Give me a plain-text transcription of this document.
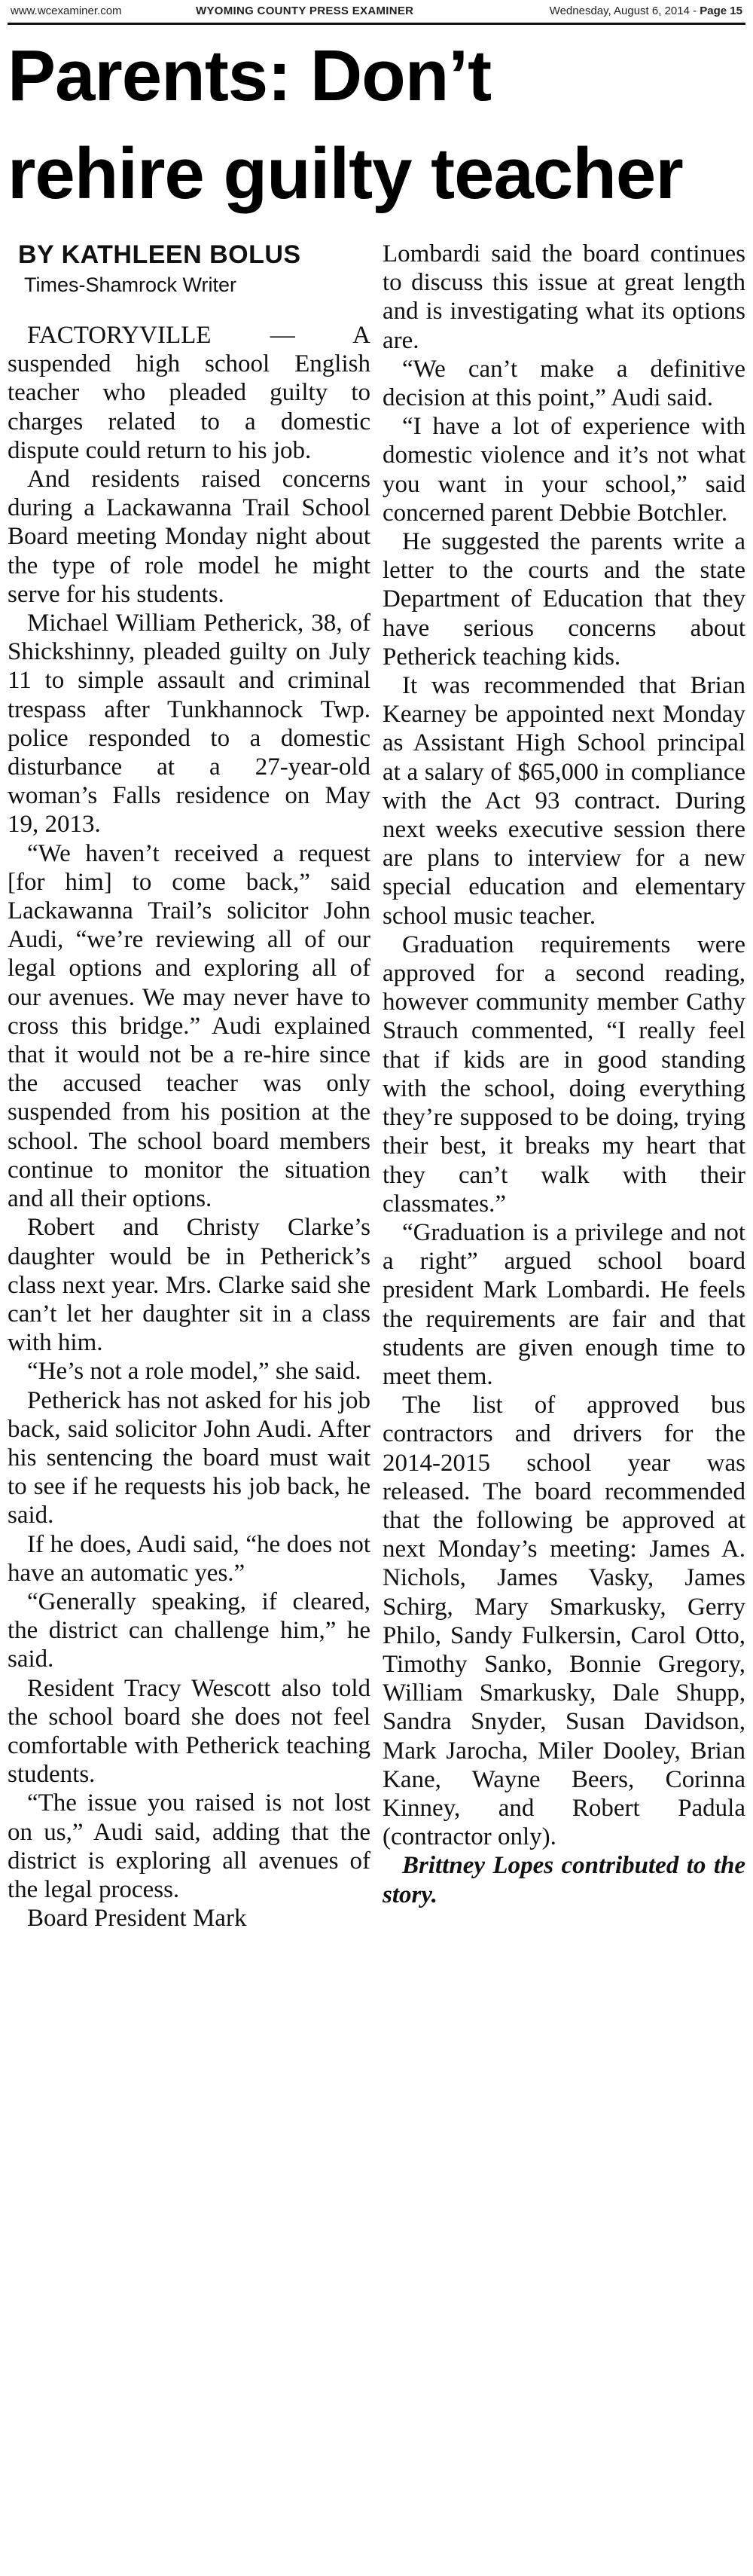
www.wcexaminer.com	WYOMING COUNTY PRESS EXAMINER	Wednesday, August 6, 2014 - Page 15
Parents: Don’t
rehire guilty teacher
BY KATHLEEN BOLUS
Times-Shamrock Writer

FACTORYVILLE — A suspended high school English teacher who pleaded guilty to charges related to a domestic dispute could return to his job.

And residents raised concerns during a Lackawanna Trail School Board meeting Monday night about the type of role model he might serve for his students.

Michael William Petherick, 38, of Shickshinny, pleaded guilty on July 11 to simple assault and criminal trespass after Tunkhannock Twp. police responded to a domestic disturbance at a 27-year-old woman’s Falls residence on May 19, 2013.

“We haven’t received a request [for him] to come back,” said Lackawanna Trail’s solicitor John Audi, “we’re reviewing all of our legal options and exploring all of our avenues. We may never have to cross this bridge.” Audi explained that it would not be a re-hire since the accused teacher was only suspended from his position at the school. The school board members continue to monitor the situation and all their options.

Robert and Christy Clarke’s daughter would be in Petherick’s class next year. Mrs. Clarke said she can’t let her daughter sit in a class with him.

“He’s not a role model,” she said.

Petherick has not asked for his job back, said solicitor John Audi. After his sentencing the board must wait to see if he requests his job back, he said.

If he does, Audi said, “he does not have an automatic yes.”

“Generally speaking, if cleared, the district can challenge him,” he said.

Resident Tracy Wescott also told the school board she does not feel comfortable with Petherick teaching students.

“The issue you raised is not lost on us,” Audi said, adding that the district is exploring all avenues of the legal process.

Board President Mark

Lombardi said the board continues to discuss this issue at great length and is investigating what its options are.

“We can’t make a definitive decision at this point,” Audi said.

“I have a lot of experience with domestic violence and it’s not what you want in your school,” said concerned parent Debbie Botchler.

He suggested the parents write a letter to the courts and the state Department of Education that they have serious concerns about Petherick teaching kids.

It was recommended that Brian Kearney be appointed next Monday as Assistant High School principal at a salary of $65,000 in compliance with the Act 93 contract. During next weeks executive session there are plans to interview for a new special education and elementary school music teacher.

Graduation requirements were approved for a second reading, however community member Cathy Strauch commented, “I really feel that if kids are in good standing with the school, doing everything they’re supposed to be doing, trying their best, it breaks my heart that they can’t walk with their classmates.”

“Graduation is a privilege and not a right” argued school board president Mark Lombardi. He feels the requirements are fair and that students are given enough time to meet them.

The list of approved bus contractors and drivers for the 2014-2015 school year was released. The board recommended that the following be approved at next Monday’s meeting: James A. Nichols, James Vasky, James Schirg, Mary Smarkusky, Gerry Philo, Sandy Fulkersin, Carol Otto, Timothy Sanko, Bonnie Gregory, William Smarkusky, Dale Shupp, Sandra Snyder, Susan Davidson, Mark Jarocha, Miler Dooley, Brian Kane, Wayne Beers, Corinna Kinney, and Robert Padula (contractor only).

Brittney Lopes contributed to the story.
